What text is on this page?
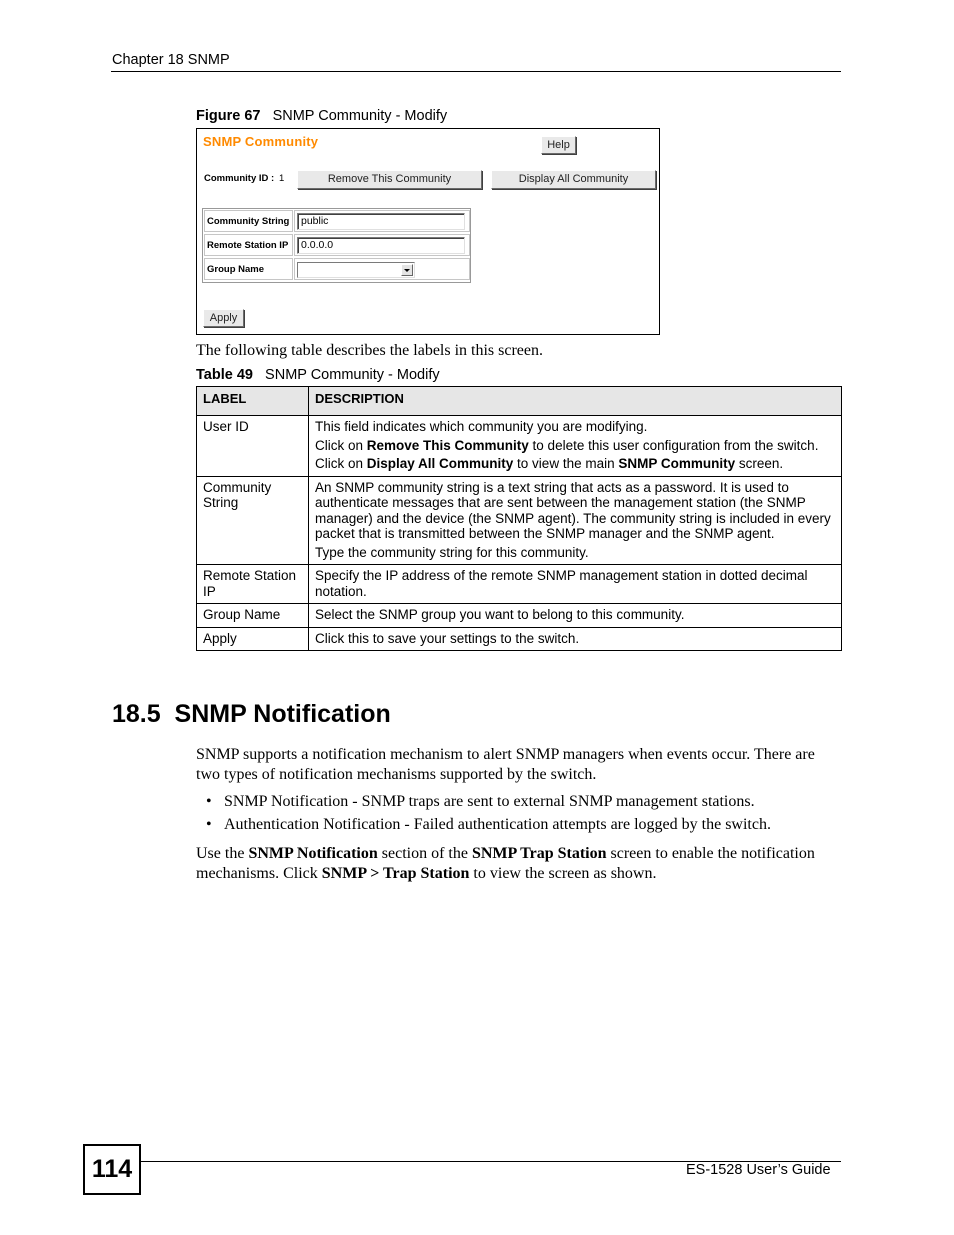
Chapter 18 SNMP
Figure 67 SNMP Community - Modify
SNMP Community	Help
Community ID : 1	Remove This Community	Display All Community
Community String	public
Remote Station IP	0.0.0.0
Group Name
Apply
The following table describes the labels in this screen.
Table 49 SNMP Community - Modify
LABEL	DESCRIPTION
User ID	This field indicates which community you are modifying.

Click on Remove This Community to delete this user configuration from the switch.

Click on Display All Community to view the main SNMP Community screen.

Community String	An SNMP community string is a text string that acts as a password. It is used to authenticate messages that are sent between the management station (the SNMP manager) and the device (the SNMP agent). The community string is included in every packet that is transmitted between the SNMP manager and the SNMP agent.

Type the community string for this community.

Remote Station IP	Specify the IP address of the remote SNMP management station in dotted decimal notation.

Group Name	Select the SNMP group you want to belong to this community.

Apply	Click this to save your settings to the switch.

18.5  SNMP Notification
SNMP supports a notification mechanism to alert SNMP managers when events occur. There are two types of notification mechanisms supported by the switch.
• SNMP Notification - SNMP traps are sent to external SNMP management stations.
• Authentication Notification - Failed authentication attempts are logged by the switch.
Use the SNMP Notification section of the SNMP Trap Station screen to enable the notification mechanisms. Click SNMP > Trap Station to view the screen as shown.
114	ES-1528 User’s Guide
